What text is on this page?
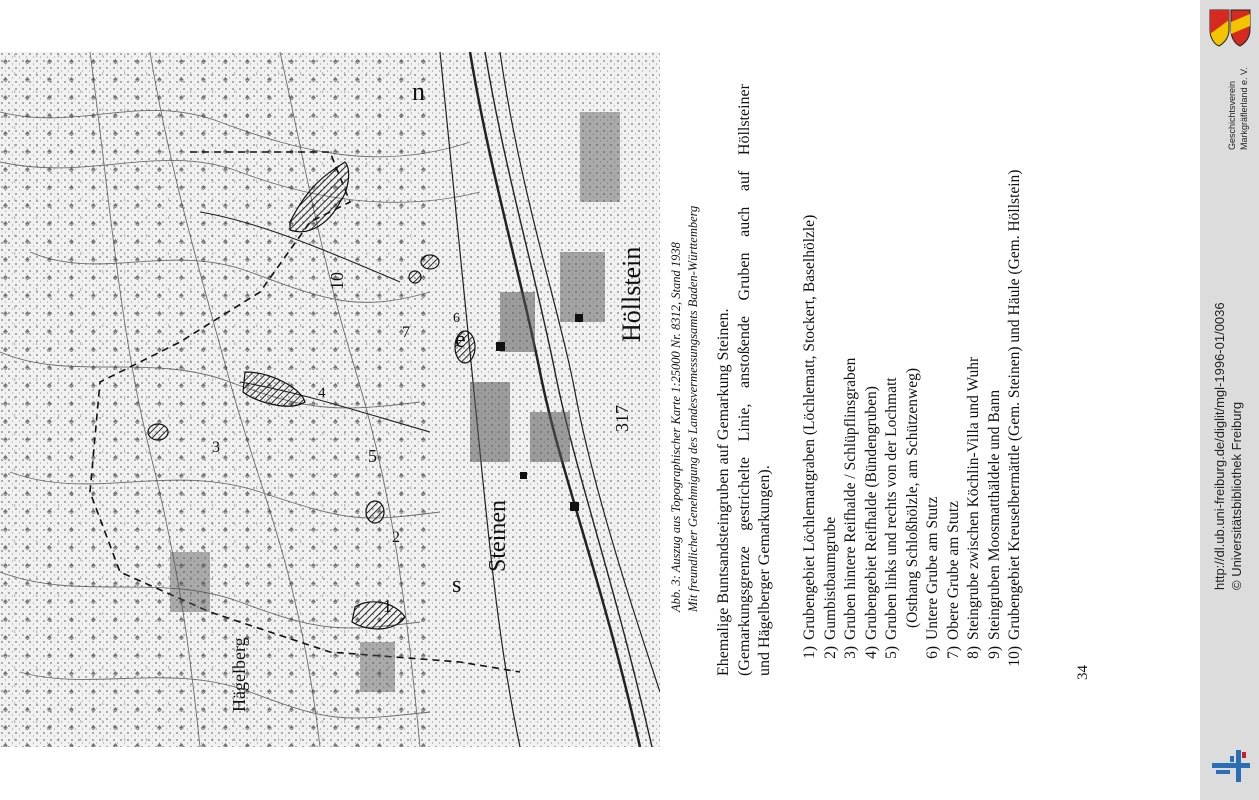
Höllstein
Steinen
Hägelberg
s
e
n
317
1
2
3
4
5
6
7
10	Abb. 3: Auszug aus Topographischer Karte 1:25000 Nr. 8312, Stand 1938 Mit freundlicher Genehmigung des Landesvermessungsamts Baden-Württemberg Ehemalige Buntsandsteingruben auf Gemarkung Steinen. (Gemarkungsgrenze
gestrichelte
Linie,
anstoßende
Gruben
auch
auf
Höllsteiner
und Hägelberger Gemarkungen). 1)
Grubengebiet Löchlemattgraben (Löchlematt, Stockert, Baselhölzle)
2)
Gumbistbaumgrube
3)
Gruben hintere Reifhalde / Schlüpflinsgraben
4)
Grubengebiet Reifhalde (Bündengruben)
5)
Gruben links und rechts von der Lochmatt (Osthang Schloßhölzle, am Schützenweg)
6)
Untere Grube am Stutz
7)
Obere Grube am Stutz
8)
Steingrube zwischen Köchlin-Villa und Wuhr
9)
Steingruben Moosmatthäldele und Bann
10)
Grubengebiet Kreuselbermättle (Gem. Steinen) und Häule (Gem. Höllstein)
34
Geschichtsverein Markgräflerland e. V.
http://dl.ub.uni-freiburg.de/diglit/mgl-1996-01/0036 © Universitätsbibliothek Freiburg
